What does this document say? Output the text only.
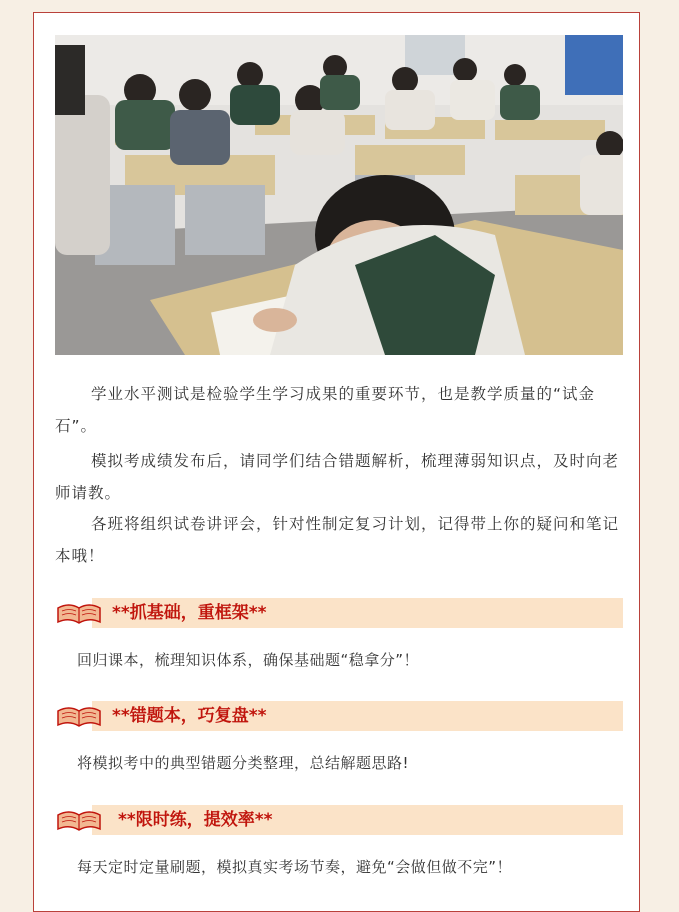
学业水平测试是检验学生学习成果的重要环节，也是教学质量的“试金石”。
模拟考成绩发布后，请同学们结合错题解析，梳理薄弱知识点，及时向老师请教。
各班将组织试卷讲评会，针对性制定复习计划，记得带上你的疑问和笔记本哦！
**抓基础，重框架**
回归课本，梳理知识体系，确保基础题“稳拿分”！
**错题本，巧复盘**
将模拟考中的典型错题分类整理，总结解题思路!
**限时练，提效率**
每天定时定量刷题，模拟真实考场节奏，避免“会做但做不完”！
